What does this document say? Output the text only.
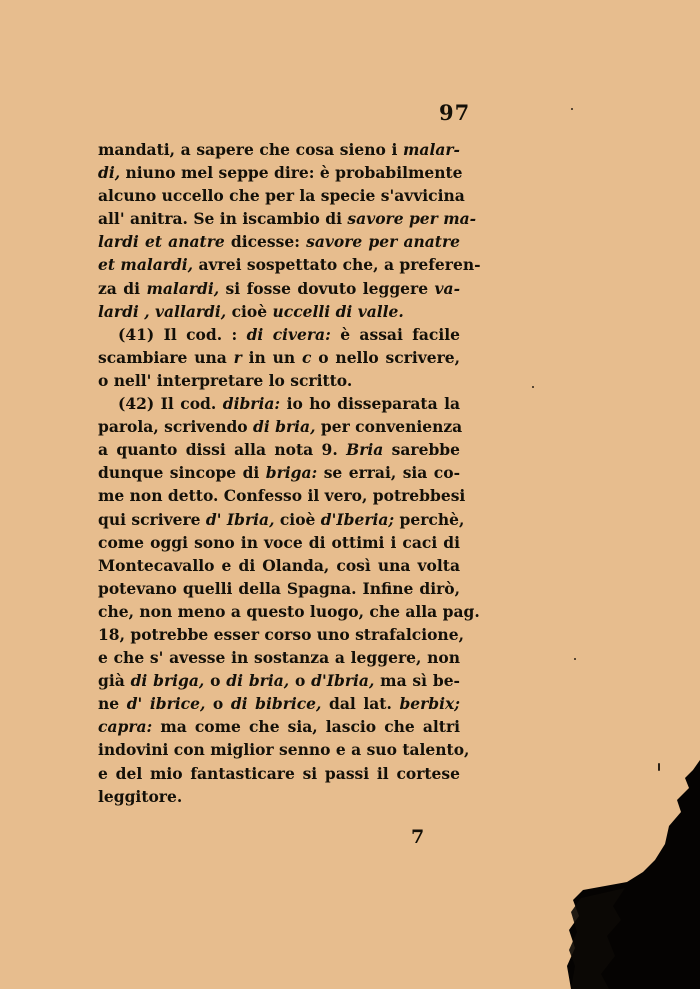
97
mandati, a sapere che cosa sieno i malar-
di, niuno mel seppe dire: è probabilmente
alcuno uccello che per la specie s'avvicina
all' anitra. Se in iscambio di savore per ma-
lardi et anatre dicesse: savore per anatre
et malardi, avrei sospettato che, a preferen-
za di malardi, si fosse dovuto leggere va-
lardi , vallardi, cioè uccelli di valle.
(41) Il cod. : di civera: è assai facile
scambiare una r in un c o nello scrivere,
o nell' interpretare lo scritto.
(42) Il cod. dibria: io ho disseparata la
parola, scrivendo di bria, per convenienza
a quanto dissi alla nota 9. Bria sarebbe
dunque sincope di briga: se errai, sia co-
me non detto. Confesso il vero, potrebbesi
qui scrivere d' Ibria, cioè d'Iberia; perchè,
come oggi sono in voce di ottimi i caci di
Montecavallo e di Olanda, così una volta
potevano quelli della Spagna. Infine dirò,
che, non meno a questo luogo, che alla pag.
18, potrebbe esser corso uno strafalcione,
e che s' avesse in sostanza a leggere, non
già di briga, o di bria, o d'Ibria, ma sì be-
ne d' ibrice, o di bibrice, dal lat. berbix;
capra: ma come che sia, lascio che altri
indovini con miglior senno e a suo talento,
e del mio fantasticare si passi il cortese
leggitore.
7
